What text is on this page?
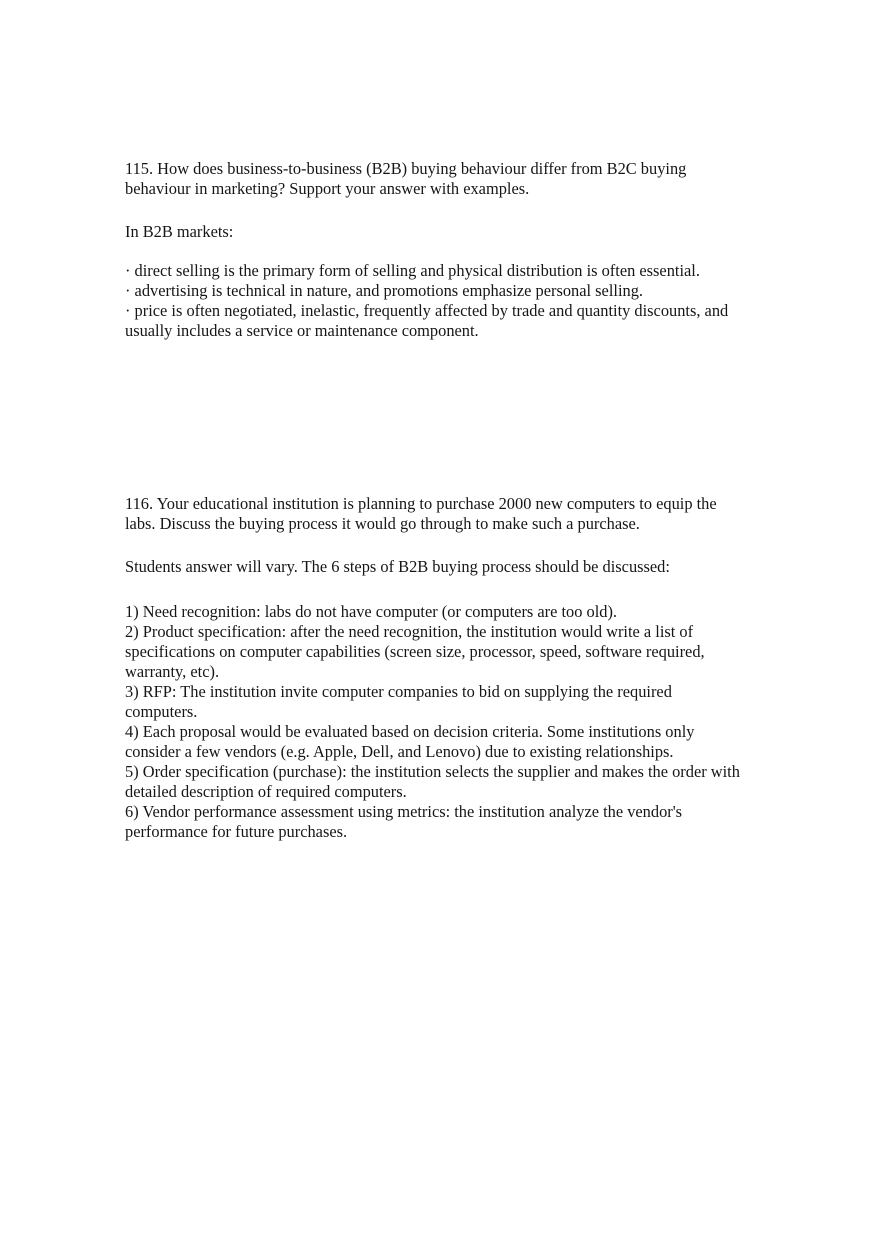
115. How does business-to-business (B2B) buying behaviour differ from B2C buying
behaviour in marketing? Support your answer with examples.
In B2B markets:
· direct selling is the primary form of selling and physical distribution is often essential.
· advertising is technical in nature, and promotions emphasize personal selling.
· price is often negotiated, inelastic, frequently affected by trade and quantity discounts, and
usually includes a service or maintenance component.
116. Your educational institution is planning to purchase 2000 new computers to equip the
labs. Discuss the buying process it would go through to make such a purchase.
Students answer will vary. The 6 steps of B2B buying process should be discussed:
1) Need recognition: labs do not have computer (or computers are too old).
2) Product specification: after the need recognition, the institution would write a list of
specifications on computer capabilities (screen size, processor, speed, software required,
warranty, etc).
3) RFP: The institution invite computer companies to bid on supplying the required
computers.
4) Each proposal would be evaluated based on decision criteria. Some institutions only
consider a few vendors (e.g. Apple, Dell, and Lenovo) due to existing relationships.
5) Order specification (purchase): the institution selects the supplier and makes the order with
detailed description of required computers.
6) Vendor performance assessment using metrics: the institution analyze the vendor's
performance for future purchases.
